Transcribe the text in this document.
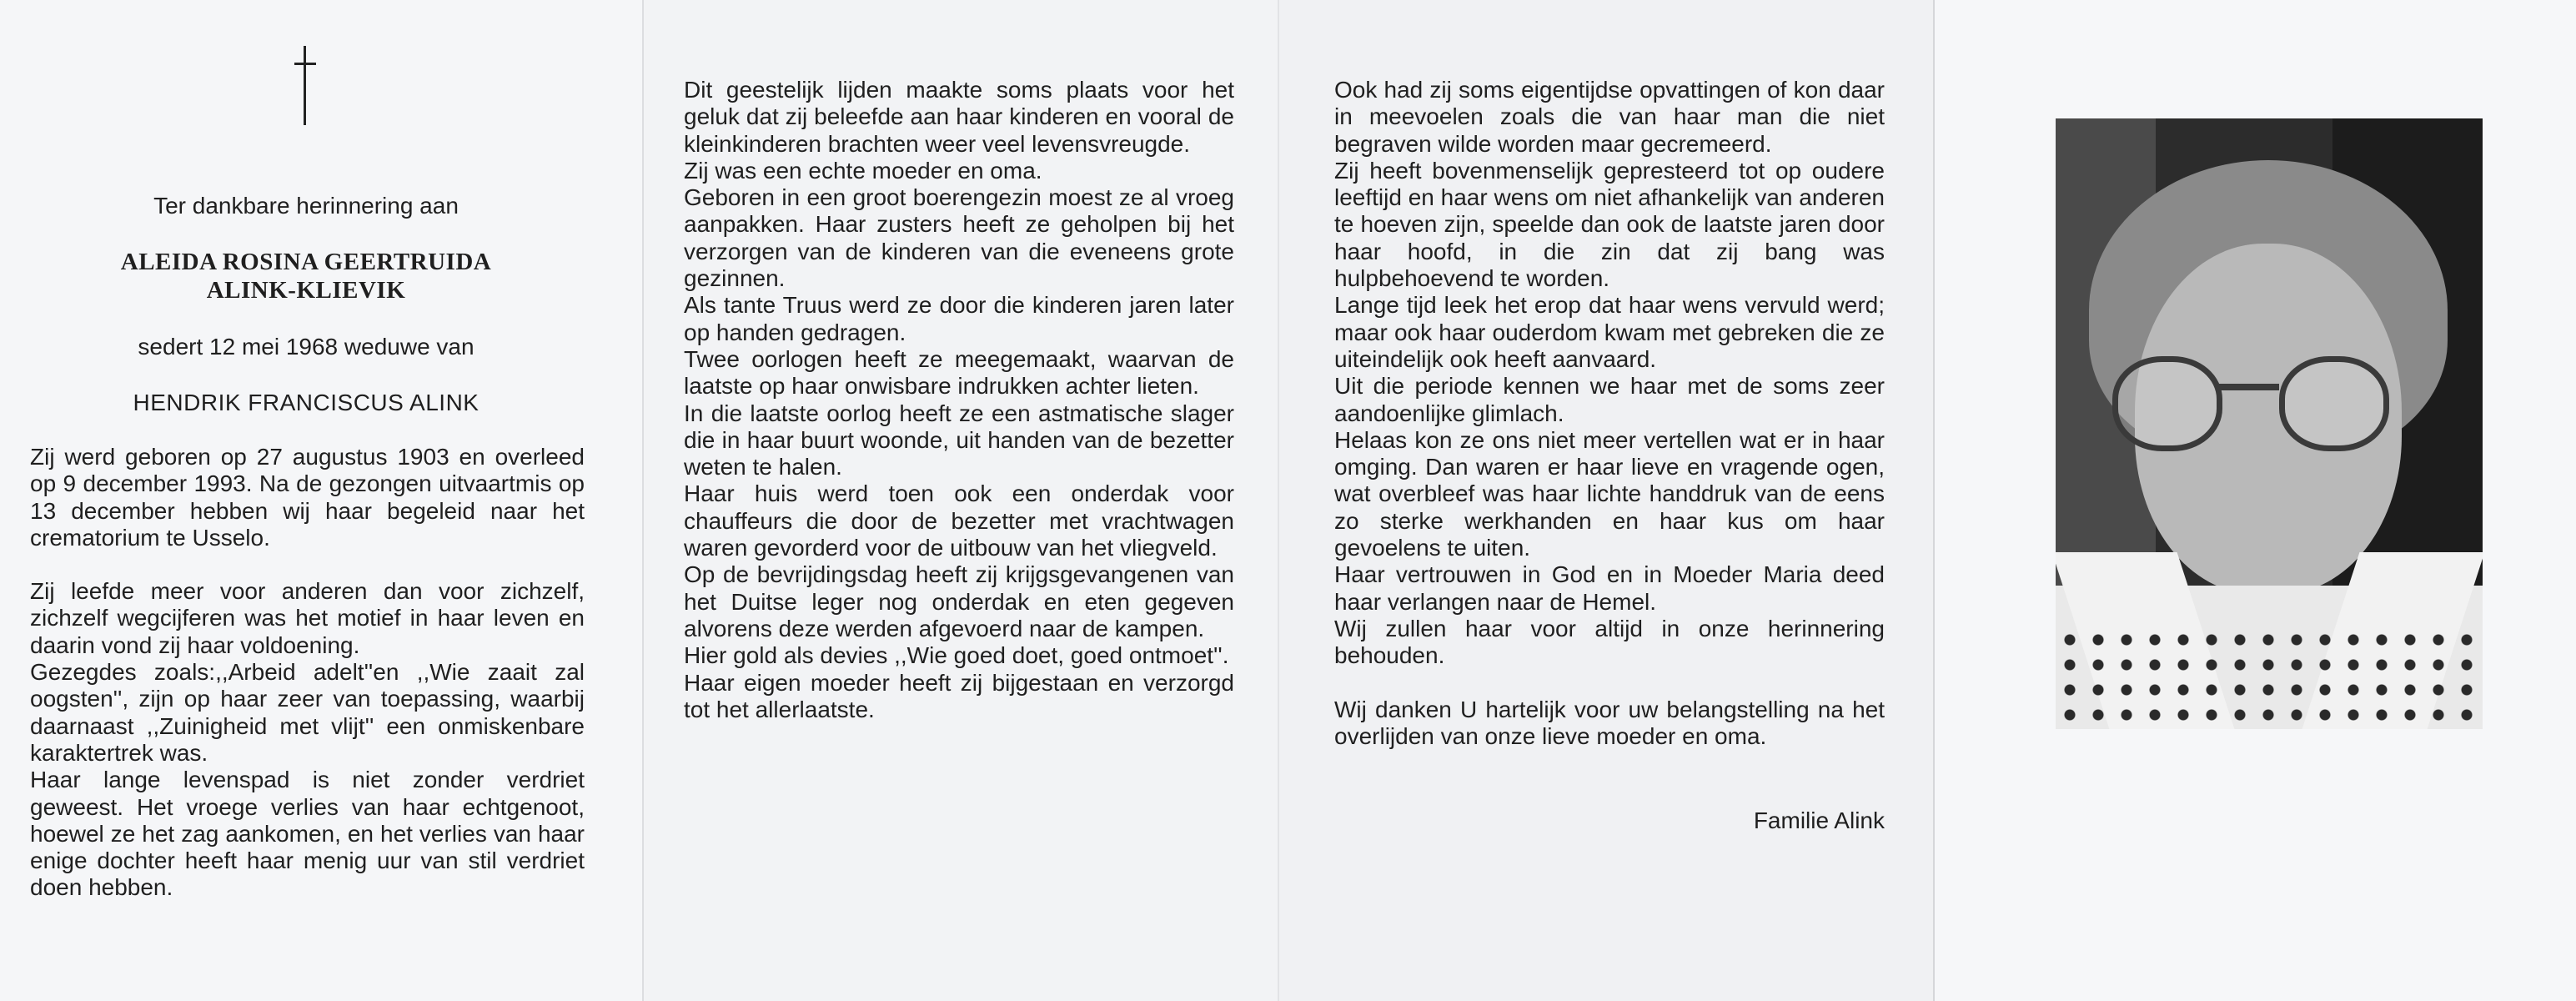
Ter dankbare herinnering aan
ALEIDA ROSINA GEERTRUIDA
ALINK-KLIEVIK
sedert 12 mei 1968 weduwe van
HENDRIK FRANCISCUS ALINK

Zij werd geboren op 27 augustus 1903 en overleed op 9 december 1993. Na de gezongen uitvaartmis op 13 december hebben wij haar begeleid naar het crematorium te Usselo.

Zij leefde meer voor anderen dan voor zichzelf, zichzelf wegcijferen was het motief in haar leven en daarin vond zij haar voldoening.

Gezegdes zoals:,,Arbeid adelt''en ,,Wie zaait zal oogsten'', zijn op haar zeer van toepassing, waarbij daarnaast ,,Zuinigheid met vlijt'' een onmiskenbare karaktertrek was.

Haar lange levenspad is niet zonder verdriet geweest. Het vroege verlies van haar echtgenoot, hoewel ze het zag aankomen, en het verlies van haar enige dochter heeft haar menig uur van stil verdriet doen hebben.

Dit geestelijk lijden maakte soms plaats voor het geluk dat zij beleefde aan haar kinderen en vooral de kleinkinderen brachten weer veel levensvreugde.

Zij was een echte moeder en oma.

Geboren in een groot boerengezin moest ze al vroeg aanpakken. Haar zusters heeft ze geholpen bij het verzorgen van de kinderen van die eveneens grote gezinnen.

Als tante Truus werd ze door die kinderen jaren later op handen gedragen.

Twee oorlogen heeft ze meegemaakt, waarvan de laatste op haar onwisbare indrukken achter lieten.

In die laatste oorlog heeft ze een astmatische slager die in haar buurt woonde, uit handen van de bezetter weten te halen.

Haar huis werd toen ook een onderdak voor chauffeurs die door de bezetter met vrachtwagen waren gevorderd voor de uitbouw van het vliegveld.

Op de bevrijdingsdag heeft zij krijgsgevangenen van het Duitse leger nog onderdak en eten gegeven alvorens deze werden afgevoerd naar de kampen.

Hier gold als devies ,,Wie goed doet, goed ontmoet''.

Haar eigen moeder heeft zij bijgestaan en verzorgd tot het allerlaatste.

Ook had zij soms eigentijdse opvattingen of kon daar in meevoelen zoals die van haar man die niet begraven wilde worden maar gecremeerd.

Zij heeft bovenmenselijk gepresteerd tot op oudere leeftijd en haar wens om niet afhankelijk van anderen te hoeven zijn, speelde dan ook de laatste jaren door haar hoofd, in die zin dat zij bang was hulpbehoevend te worden.

Lange tijd leek het erop dat haar wens vervuld werd; maar ook haar ouderdom kwam met gebreken die ze uiteindelijk ook heeft aanvaard.

Uit die periode kennen we haar met de soms zeer aandoenlijke glimlach.

Helaas kon ze ons niet meer vertellen wat er in haar omging. Dan waren er haar lieve en vragende ogen, wat overbleef was haar lichte handdruk van de eens zo sterke werkhanden en haar kus om haar gevoelens te uiten.

Haar vertrouwen in God en in Moeder Maria deed haar verlangen naar de Hemel.

Wij zullen haar voor altijd in onze herinnering behouden.

Wij danken U hartelijk voor uw belangstelling na het overlijden van onze lieve moeder en oma.

Familie Alink
